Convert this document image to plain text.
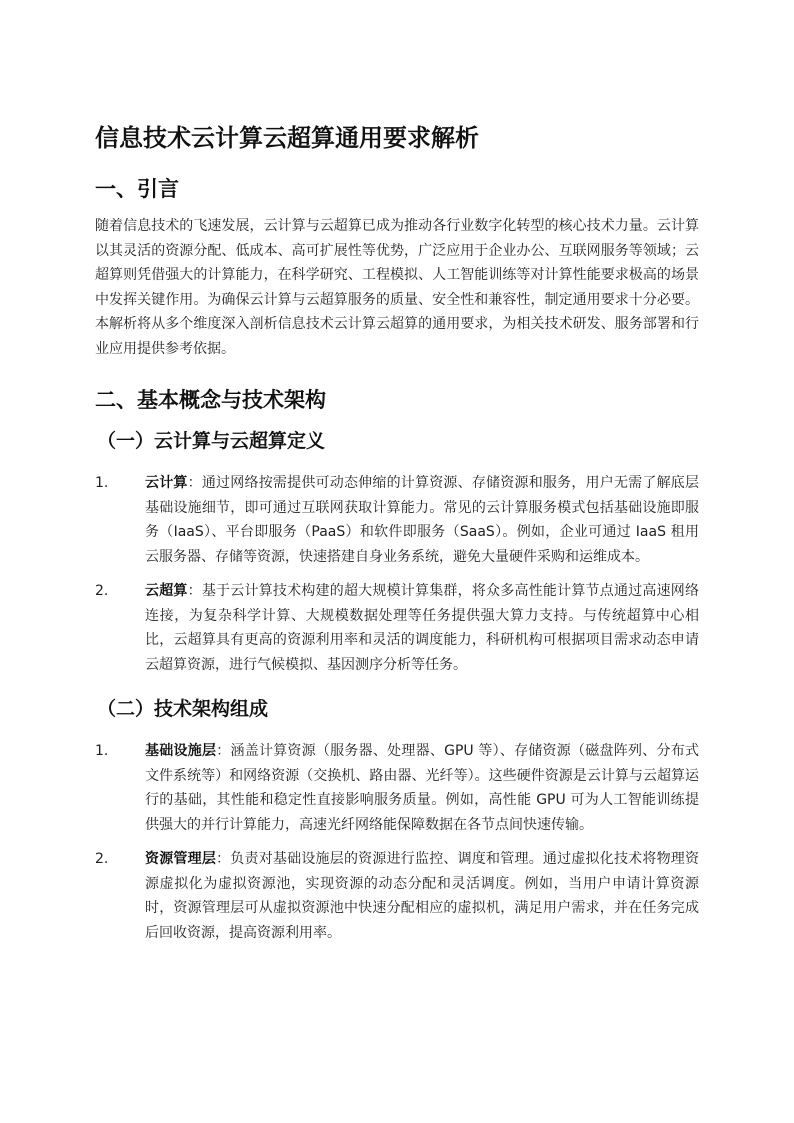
信息技术云计算云超算通用要求解析
一、引言

随着信息技术的飞速发展，云计算与云超算已成为推动各行业数字化转型的核心技术力量。云计算以其灵活的资源分配、低成本、高可扩展性等优势，广泛应用于企业办公、互联网服务等领域；云超算则凭借强大的计算能力，在科学研究、工程模拟、人工智能训练等对计算性能要求极高的场景中发挥关键作用。为确保云计算与云超算服务的质量、安全性和兼容性，制定通用要求十分必要。本解析将从多个维度深入剖析信息技术云计算云超算的通用要求，为相关技术研发、服务部署和行业应用提供参考依据。

二、基本概念与技术架构
（一）云计算与云超算定义
1.	云计算：通过网络按需提供可动态伸缩的计算资源、存储资源和服务，用户无需了解底层基础设施细节，即可通过互联网获取计算能力。常见的云计算服务模式包括基础设施即服务（IaaS）、平台即服务（PaaS）和软件即服务（SaaS）。例如，企业可通过 IaaS 租用云服务器、存储等资源，快速搭建自身业务系统，避免大量硬件采购和运维成本。
2.	云超算：基于云计算技术构建的超大规模计算集群，将众多高性能计算节点通过高速网络连接，为复杂科学计算、大规模数据处理等任务提供强大算力支持。与传统超算中心相比，云超算具有更高的资源利用率和灵活的调度能力，科研机构可根据项目需求动态申请云超算资源，进行气候模拟、基因测序分析等任务。
（二）技术架构组成
1.	基础设施层：涵盖计算资源（服务器、处理器、GPU 等）、存储资源（磁盘阵列、分布式文件系统等）和网络资源（交换机、路由器、光纤等）。这些硬件资源是云计算与云超算运行的基础，其性能和稳定性直接影响服务质量。例如，高性能 GPU 可为人工智能训练提供强大的并行计算能力，高速光纤网络能保障数据在各节点间快速传输。
2.	资源管理层：负责对基础设施层的资源进行监控、调度和管理。通过虚拟化技术将物理资源虚拟化为虚拟资源池，实现资源的动态分配和灵活调度。例如，当用户申请计算资源时，资源管理层可从虚拟资源池中快速分配相应的虚拟机，满足用户需求，并在任务完成后回收资源，提高资源利用率。
